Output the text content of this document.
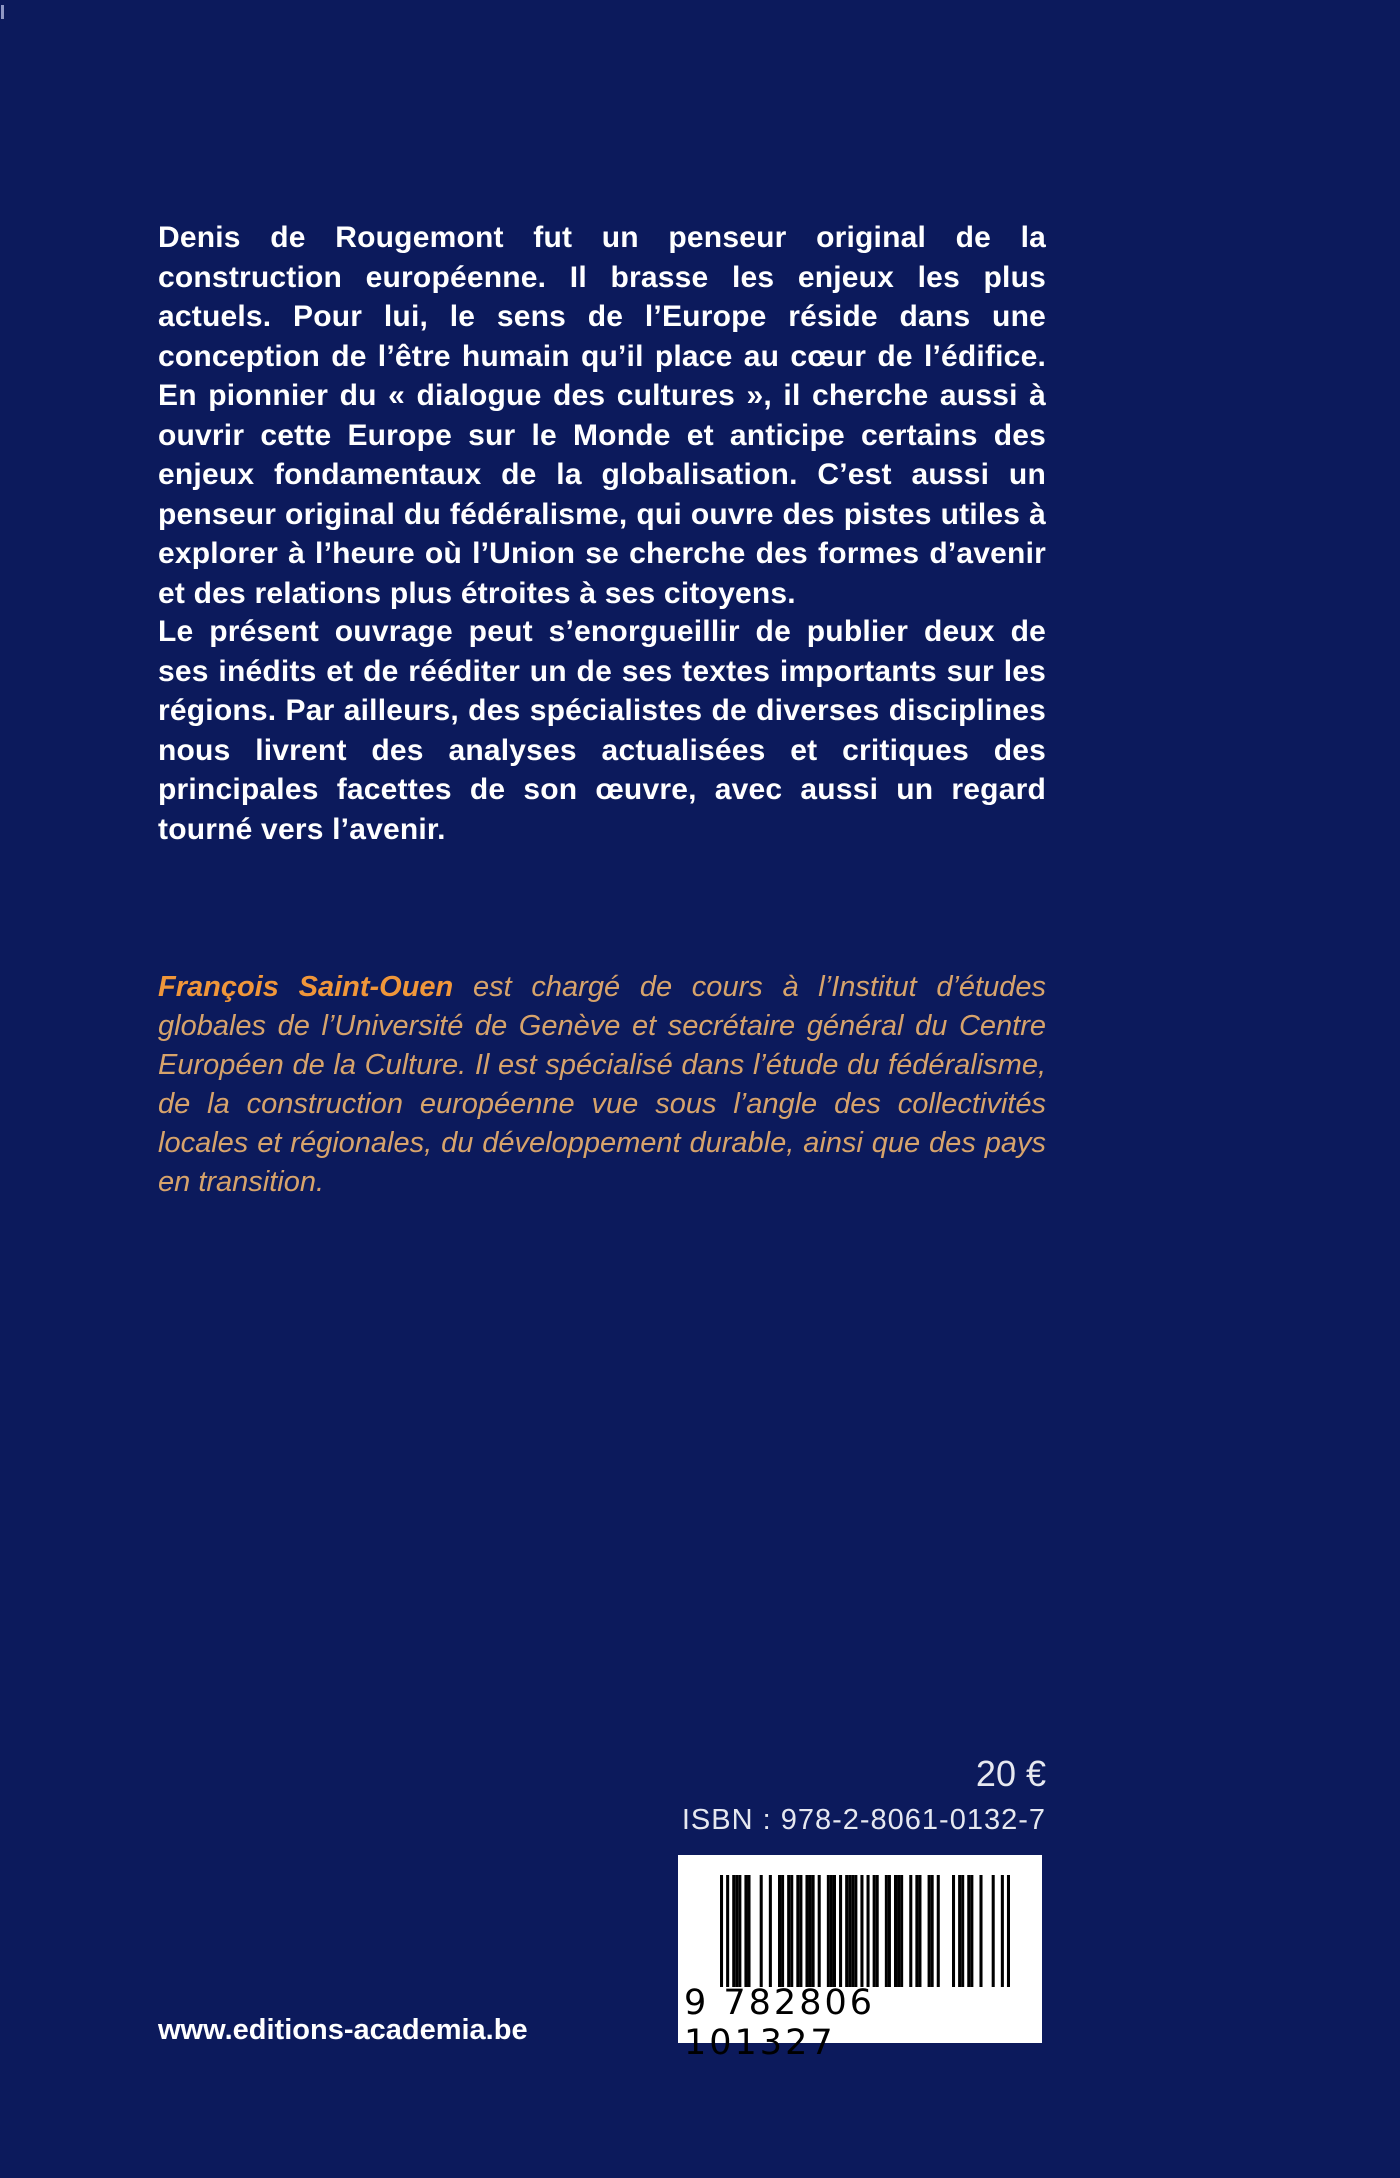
Denis de Rougemont fut un penseur original de la construction européenne. Il brasse les enjeux les plus actuels. Pour lui, le sens de l’Europe réside dans une conception de l’être humain qu’il place au cœur de l’édifice. En pionnier du « dialogue des cultures », il cherche aussi à ouvrir cette Europe sur le Monde et anticipe certains des enjeux fondamentaux de la globalisation. C’est aussi un penseur original du fédéralisme, qui ouvre des pistes utiles à explorer à l’heure où l’Union se cherche des formes d’avenir et des relations plus étroites à ses citoyens.
Le présent ouvrage peut s’enorgueillir de publier deux de ses inédits et de rééditer un de ses textes importants sur les régions. Par ailleurs, des spécialistes de diverses disciplines nous livrent des analyses actualisées et critiques des principales facettes de son œuvre, avec aussi un regard tourné vers l’avenir.
François Saint-Ouen est chargé de cours à l’Institut d’études globales de l’Université de Genève et secrétaire général du Centre Européen de la Culture. Il est spécialisé dans l’étude du fédéralisme, de la construction européenne vue sous l’angle des collectivités locales et régionales, du développement durable, ainsi que des pays en transition.
20 €
ISBN : 978-2-8061-0132-7
9 782806 101327
www.editions-academia.be
